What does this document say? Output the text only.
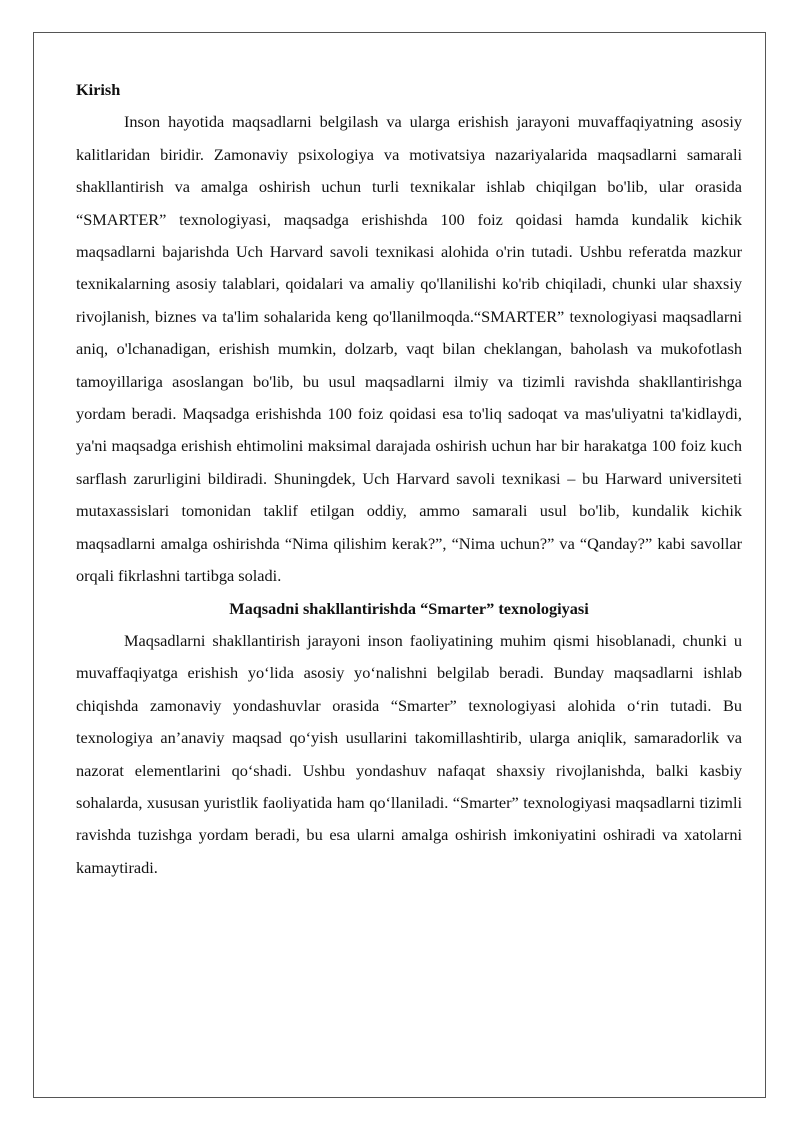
Kirish

Inson hayotida maqsadlarni belgilash va ularga erishish jarayoni muvaffaqiyatning asosiy kalitlaridan biridir. Zamonaviy psixologiya va motivatsiya nazariyalarida maqsadlarni samarali shakllantirish va amalga oshirish uchun turli texnikalar ishlab chiqilgan bo'lib, ular orasida “SMARTER” texnologiyasi, maqsadga erishishda 100 foiz qoidasi hamda kundalik kichik maqsadlarni bajarishda Uch Harvard savoli texnikasi alohida o'rin tutadi. Ushbu referatda mazkur texnikalarning asosiy talablari, qoidalari va amaliy qo'llanilishi ko'rib chiqiladi, chunki ular shaxsiy rivojlanish, biznes va ta'lim sohalarida keng qo'llanilmoqda.“SMARTER” texnologiyasi maqsadlarni aniq, o'lchanadigan, erishish mumkin, dolzarb, vaqt bilan cheklangan, baholash va mukofotlash tamoyillariga asoslangan bo'lib, bu usul maqsadlarni ilmiy va tizimli ravishda shakllantirishga yordam beradi. Maqsadga erishishda 100 foiz qoidasi esa to'liq sadoqat va mas'uliyatni ta'kidlaydi, ya'ni maqsadga erishish ehtimolini maksimal darajada oshirish uchun har bir harakatga 100 foiz kuch sarflash zarurligini bildiradi. Shuningdek, Uch Harvard savoli texnikasi – bu Harward universiteti mutaxassislari tomonidan taklif etilgan oddiy, ammo samarali usul bo'lib, kundalik kichik maqsadlarni amalga oshirishda “Nima qilishim kerak?”, “Nima uchun?” va “Qanday?” kabi savollar orqali fikrlashni tartibga soladi.

Maqsadni shakllantirishda “Smarter” texnologiyasi

Maqsadlarni shakllantirish jarayoni inson faoliyatining muhim qismi hisoblanadi, chunki u muvaffaqiyatga erishish yo‘lida asosiy yo‘nalishni belgilab beradi. Bunday maqsadlarni ishlab chiqishda zamonaviy yondashuvlar orasida “Smarter” texnologiyasi alohida o‘rin tutadi. Bu texnologiya an’anaviy maqsad qo‘yish usullarini takomillashtirib, ularga aniqlik, samaradorlik va nazorat elementlarini qo‘shadi. Ushbu yondashuv nafaqat shaxsiy rivojlanishda, balki kasbiy sohalarda, xususan yuristlik faoliyatida ham qo‘llaniladi. “Smarter” texnologiyasi maqsadlarni tizimli ravishda tuzishga yordam beradi, bu esa ularni amalga oshirish imkoniyatini oshiradi va xatolarni kamaytiradi.
